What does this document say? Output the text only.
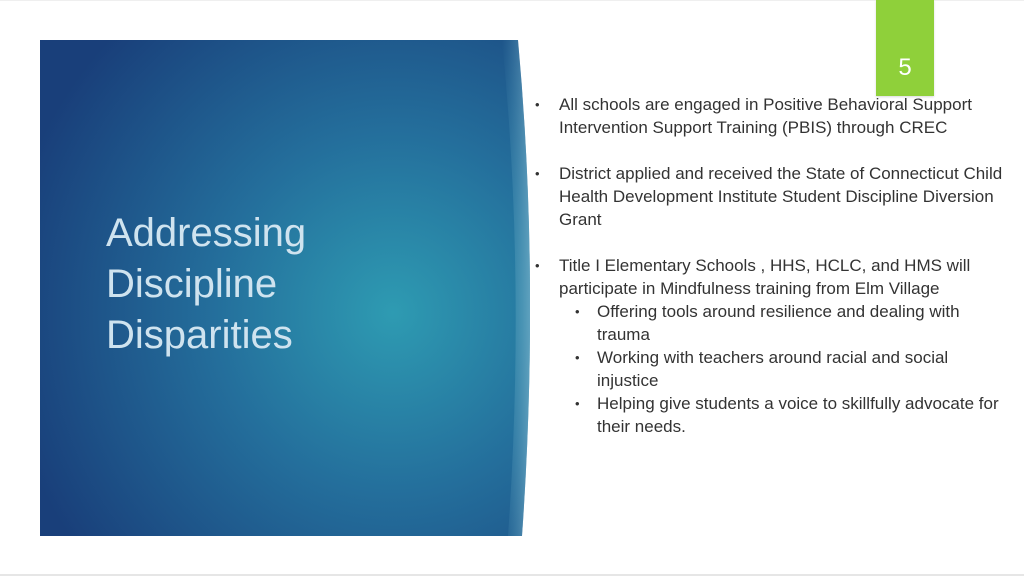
Addressing
Discipline
Disparities
5
• All schools are engaged in Positive Behavioral Support Intervention Support Training (PBIS) through CREC
• District applied and received the State of Connecticut Child Health Development Institute Student Discipline Diversion Grant
• Title I Elementary Schools , HHS, HCLC, and HMS will participate in Mindfulness training from Elm Village
• Offering tools around resilience and dealing with trauma
• Working with teachers around racial and social injustice
• Helping give students a voice to skillfully advocate for their needs.
